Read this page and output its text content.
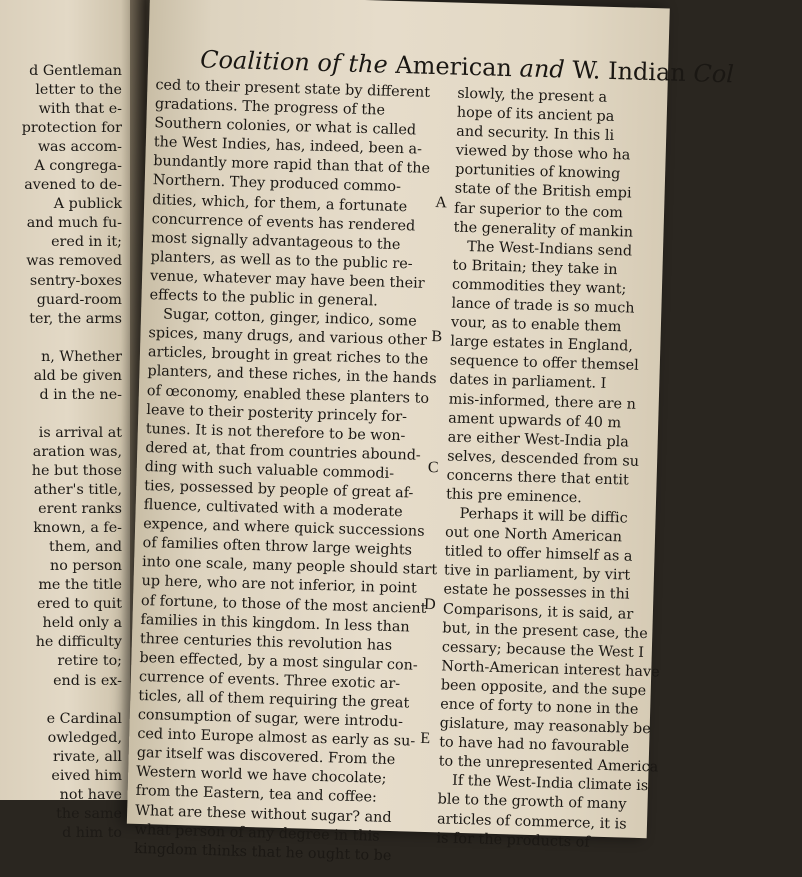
d Gentleman
letter to the
with that e-
protection for
was accom-
A congrega-
avened to de-
A publick
and much fu-
ered in it;
was removed
sentry-boxes
guard-room
ter, the arms
n, Whether
ald be given
d in the ne-
is arrival at
aration was,
he but those
ather's title,
erent ranks
known, a fe-
them, and
no person
me the title
ered to quit
held only a
he difficulty
retire to;
end is ex-
e Cardinal
owledged,
rivate, all
eived him
not have
the same
d him to
Coalition of the American and W. Indian Col
ced to their present state by different
gradations. The progress of the
Southern colonies, or what is called
the West Indies, has, indeed, been a-
bundantly more rapid than that of the
Northern. They produced commo-
dities, which, for them, a fortunate
concurrence of events has rendered
most signally advantageous to the
planters, as well as to the public re-
venue, whatever may have been their
effects to the public in general.
Sugar, cotton, ginger, indico, some
spices, many drugs, and various other
articles, brought in great riches to the
planters, and these riches, in the hands
of œconomy, enabled these planters to
leave to their posterity princely for-
tunes. It is not therefore to be won-
dered at, that from countries abound-
ding with such valuable commodi-
ties, possessed by people of great af-
fluence, cultivated with a moderate
expence, and where quick successions
of families often throw large weights
into one scale, many people should start
up here, who are not inferior, in point
of fortune, to those of the most ancient
families in this kingdom. In less than
three centuries this revolution has
been effected, by a most singular con-
currence of events. Three exotic ar-
ticles, all of them requiring the great
consumption of sugar, were introdu-
ced into Europe almost as early as su-
gar itself was discovered. From the
Western world we have chocolate;
from the Eastern, tea and coffee:
What are these without sugar? and
what person of any degree in this
kingdom thinks that he ought to be
A
B
C
D
E
slowly, the present a
hope of its ancient pa
and security. In this li
viewed by those who ha
portunities of knowing
state of the British empi
far superior to the com
the generality of mankin
The West-Indians send
to Britain; they take in
commodities they want;
lance of trade is so much
vour, as to enable them
large estates in England,
sequence to offer themsel
dates in parliament. I
mis-informed, there are n
ament upwards of 40 m
are either West-India pla
selves, descended from su
concerns there that entit
this pre eminence.
Perhaps it will be diffic
out one North American
titled to offer himself as a
tive in parliament, by virt
estate he possesses in thi
Comparisons, it is said, ar
but, in the present case, the
cessary; because the West I
North-American interest have
been opposite, and the supe
ence of forty to none in the
gislature, may reasonably be
to have had no favourable
to the unrepresented America
If the West-India climate is
ble to the growth of many
articles of commerce, it is
is for the products of
